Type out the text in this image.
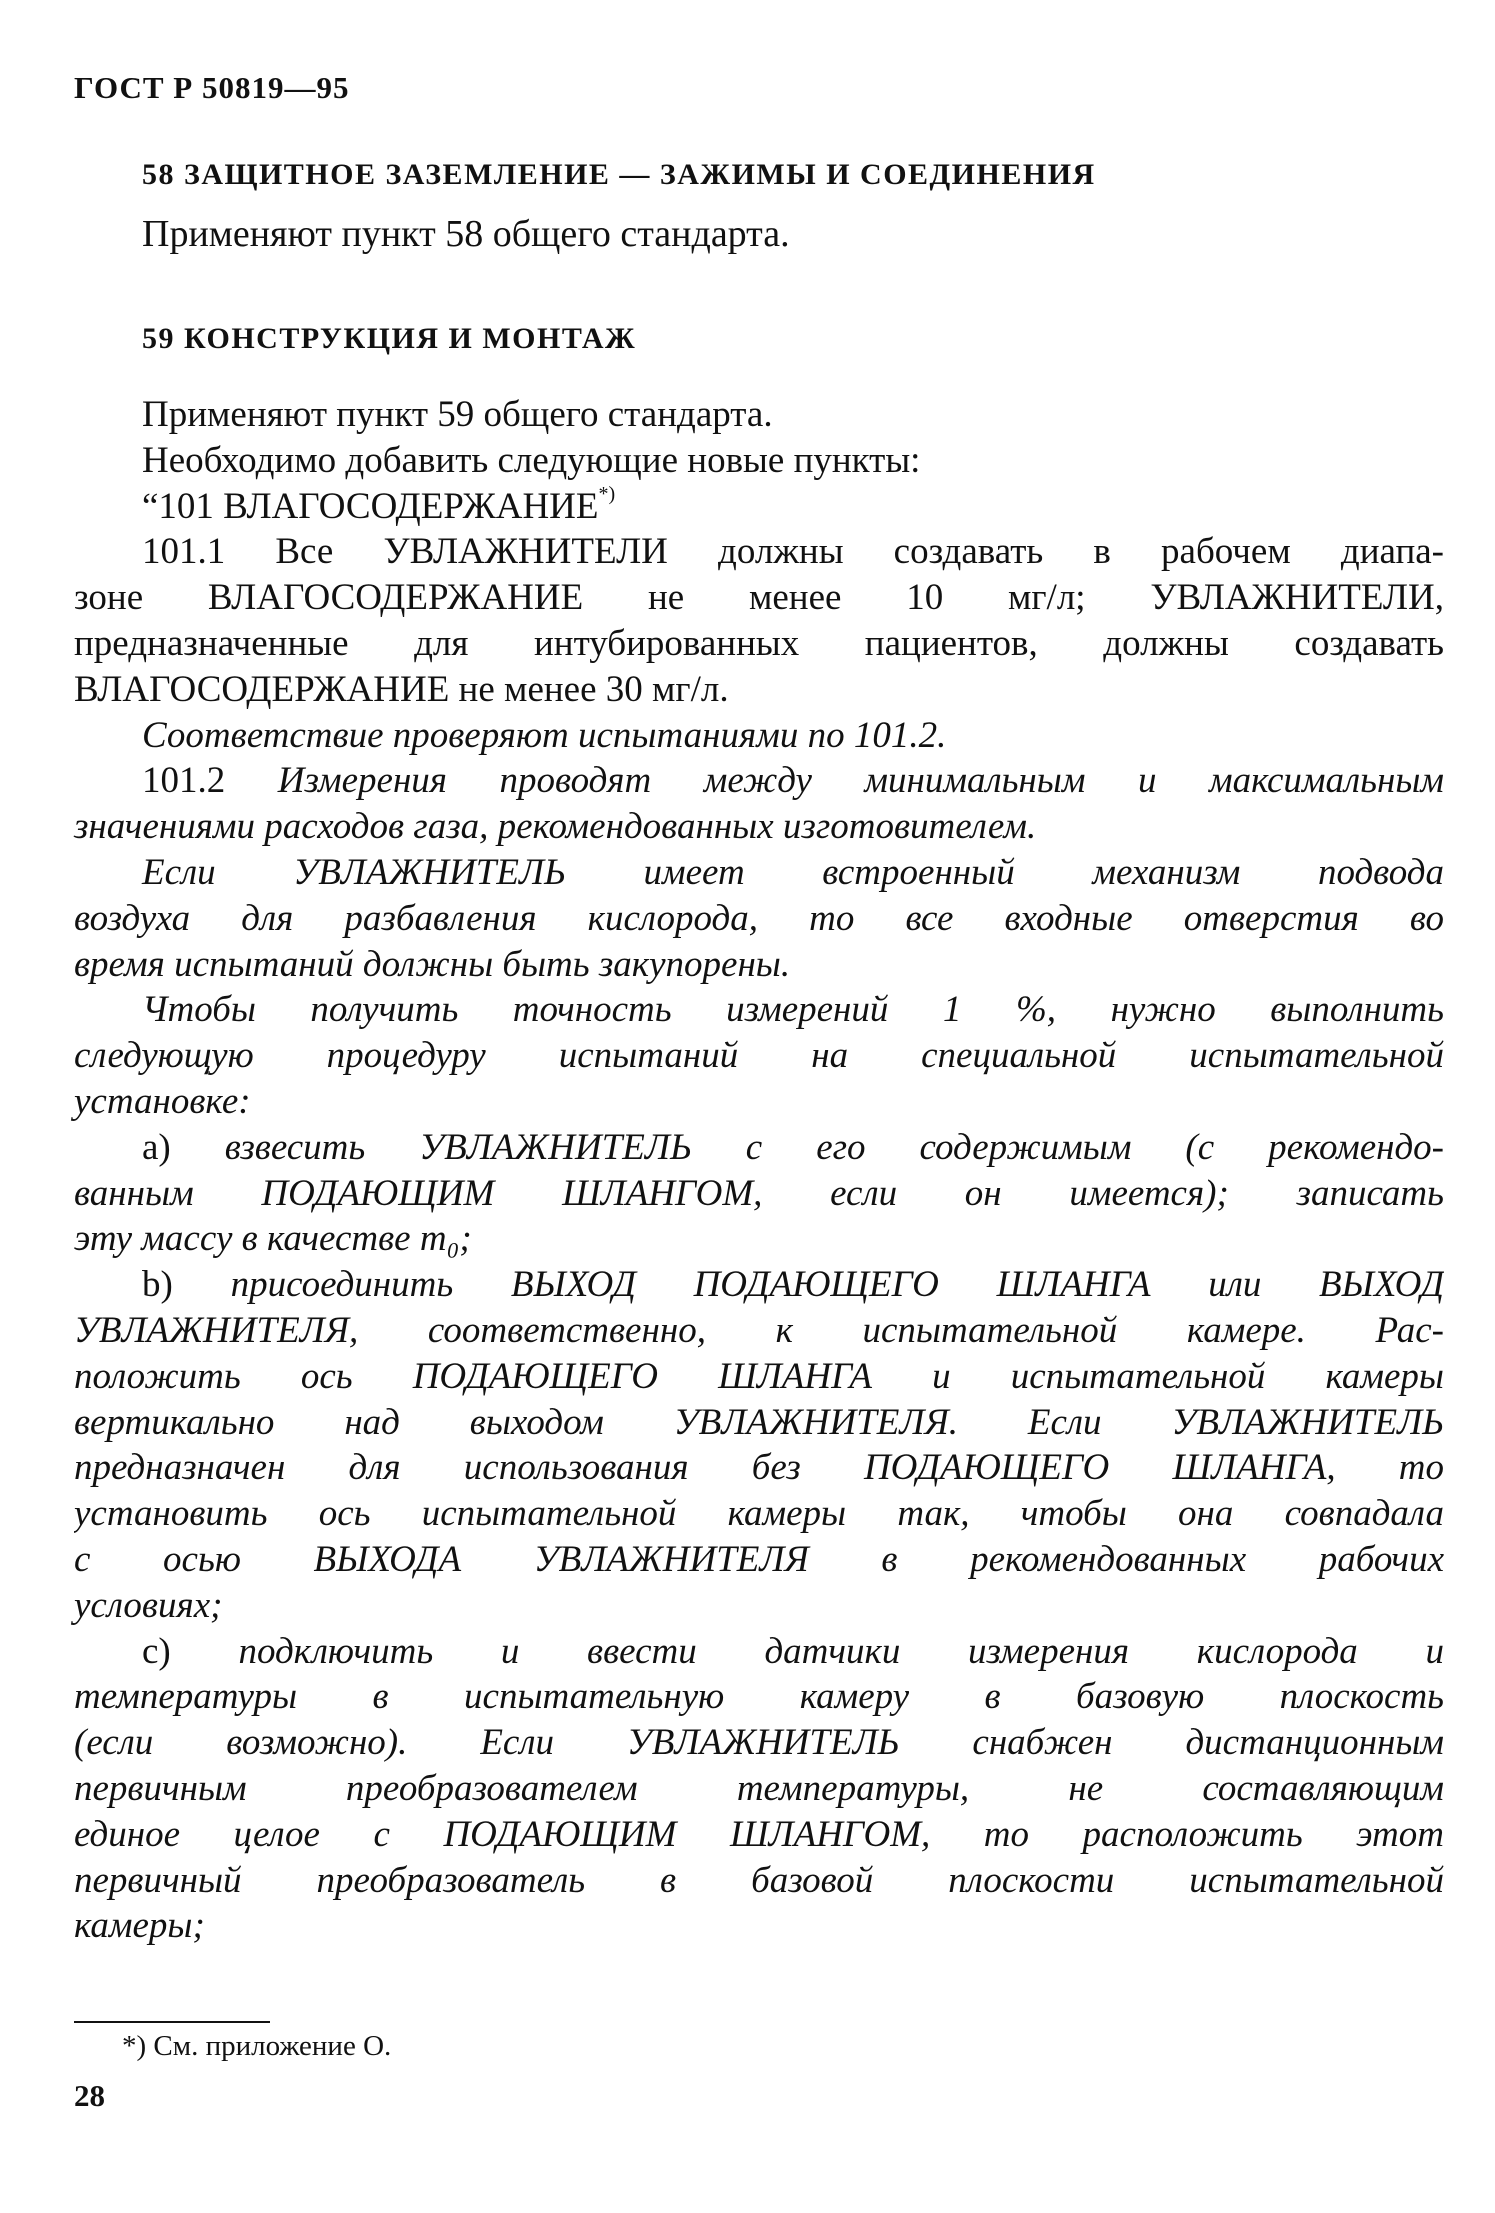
ГОСТ Р 50819—95
58 ЗАЩИТНОЕ ЗАЗЕМЛЕНИЕ — ЗАЖИМЫ И СОЕДИНЕНИЯ
Применяют пункт 58 общего стандарта.
59 КОНСТРУКЦИЯ И МОНТАЖ
Применяют пункт 59 общего стандарта.
Необходимо добавить следующие новые пункты:
“101 ВЛАГОСОДЕРЖАНИЕ*)
101.1 Все УВЛАЖНИТЕЛИ должны создавать в рабочем диапа-
зоне ВЛАГОСОДЕРЖАНИЕ не менее 10 мг/л; УВЛАЖНИТЕЛИ,
предназначенные для интубированных пациентов, должны создавать
ВЛАГОСОДЕРЖАНИЕ не менее 30 мг/л.
Соответствие проверяют испытаниями по 101.2.
101.2 Измерения проводят между минимальным и максимальным
значениями расходов газа, рекомендованных изготовителем.
Если УВЛАЖНИТЕЛЬ имеет встроенный механизм подвода
воздуха для разбавления кислорода, то все входные отверстия во
время испытаний должны быть закупорены.
Чтобы получить точность измерений 1 %, нужно выполнить
следующую процедуру испытаний на специальной испытательной
установке:
a) взвесить УВЛАЖНИТЕЛЬ с его содержимым (с рекомендо-
ванным ПОДАЮЩИМ ШЛАНГОМ, если он имеется); записать
эту массу в качестве m₀;
b) присоединить ВЫХОД ПОДАЮЩЕГО ШЛАНГА или ВЫХОД
УВЛАЖНИТЕЛЯ, соответственно, к испытательной камере. Рас-
положить ось ПОДАЮЩЕГО ШЛАНГА и испытательной камеры
вертикально над выходом УВЛАЖНИТЕЛЯ. Если УВЛАЖНИТЕЛЬ
предназначен для использования без ПОДАЮЩЕГО ШЛАНГА, то
установить ось испытательной камеры так, чтобы она совпадала
с осью ВЫХОДА УВЛАЖНИТЕЛЯ в рекомендованных рабочих
условиях;
c) подключить и ввести датчики измерения кислорода и
температуры в испытательную камеру в базовую плоскость
(если возможно). Если УВЛАЖНИТЕЛЬ снабжен дистанционным
первичным преобразователем температуры, не составляющим
единое целое с ПОДАЮЩИМ ШЛАНГОМ, то расположить этот
первичный преобразователь в базовой плоскости испытательной
камеры;
*) См. приложение О.
28
